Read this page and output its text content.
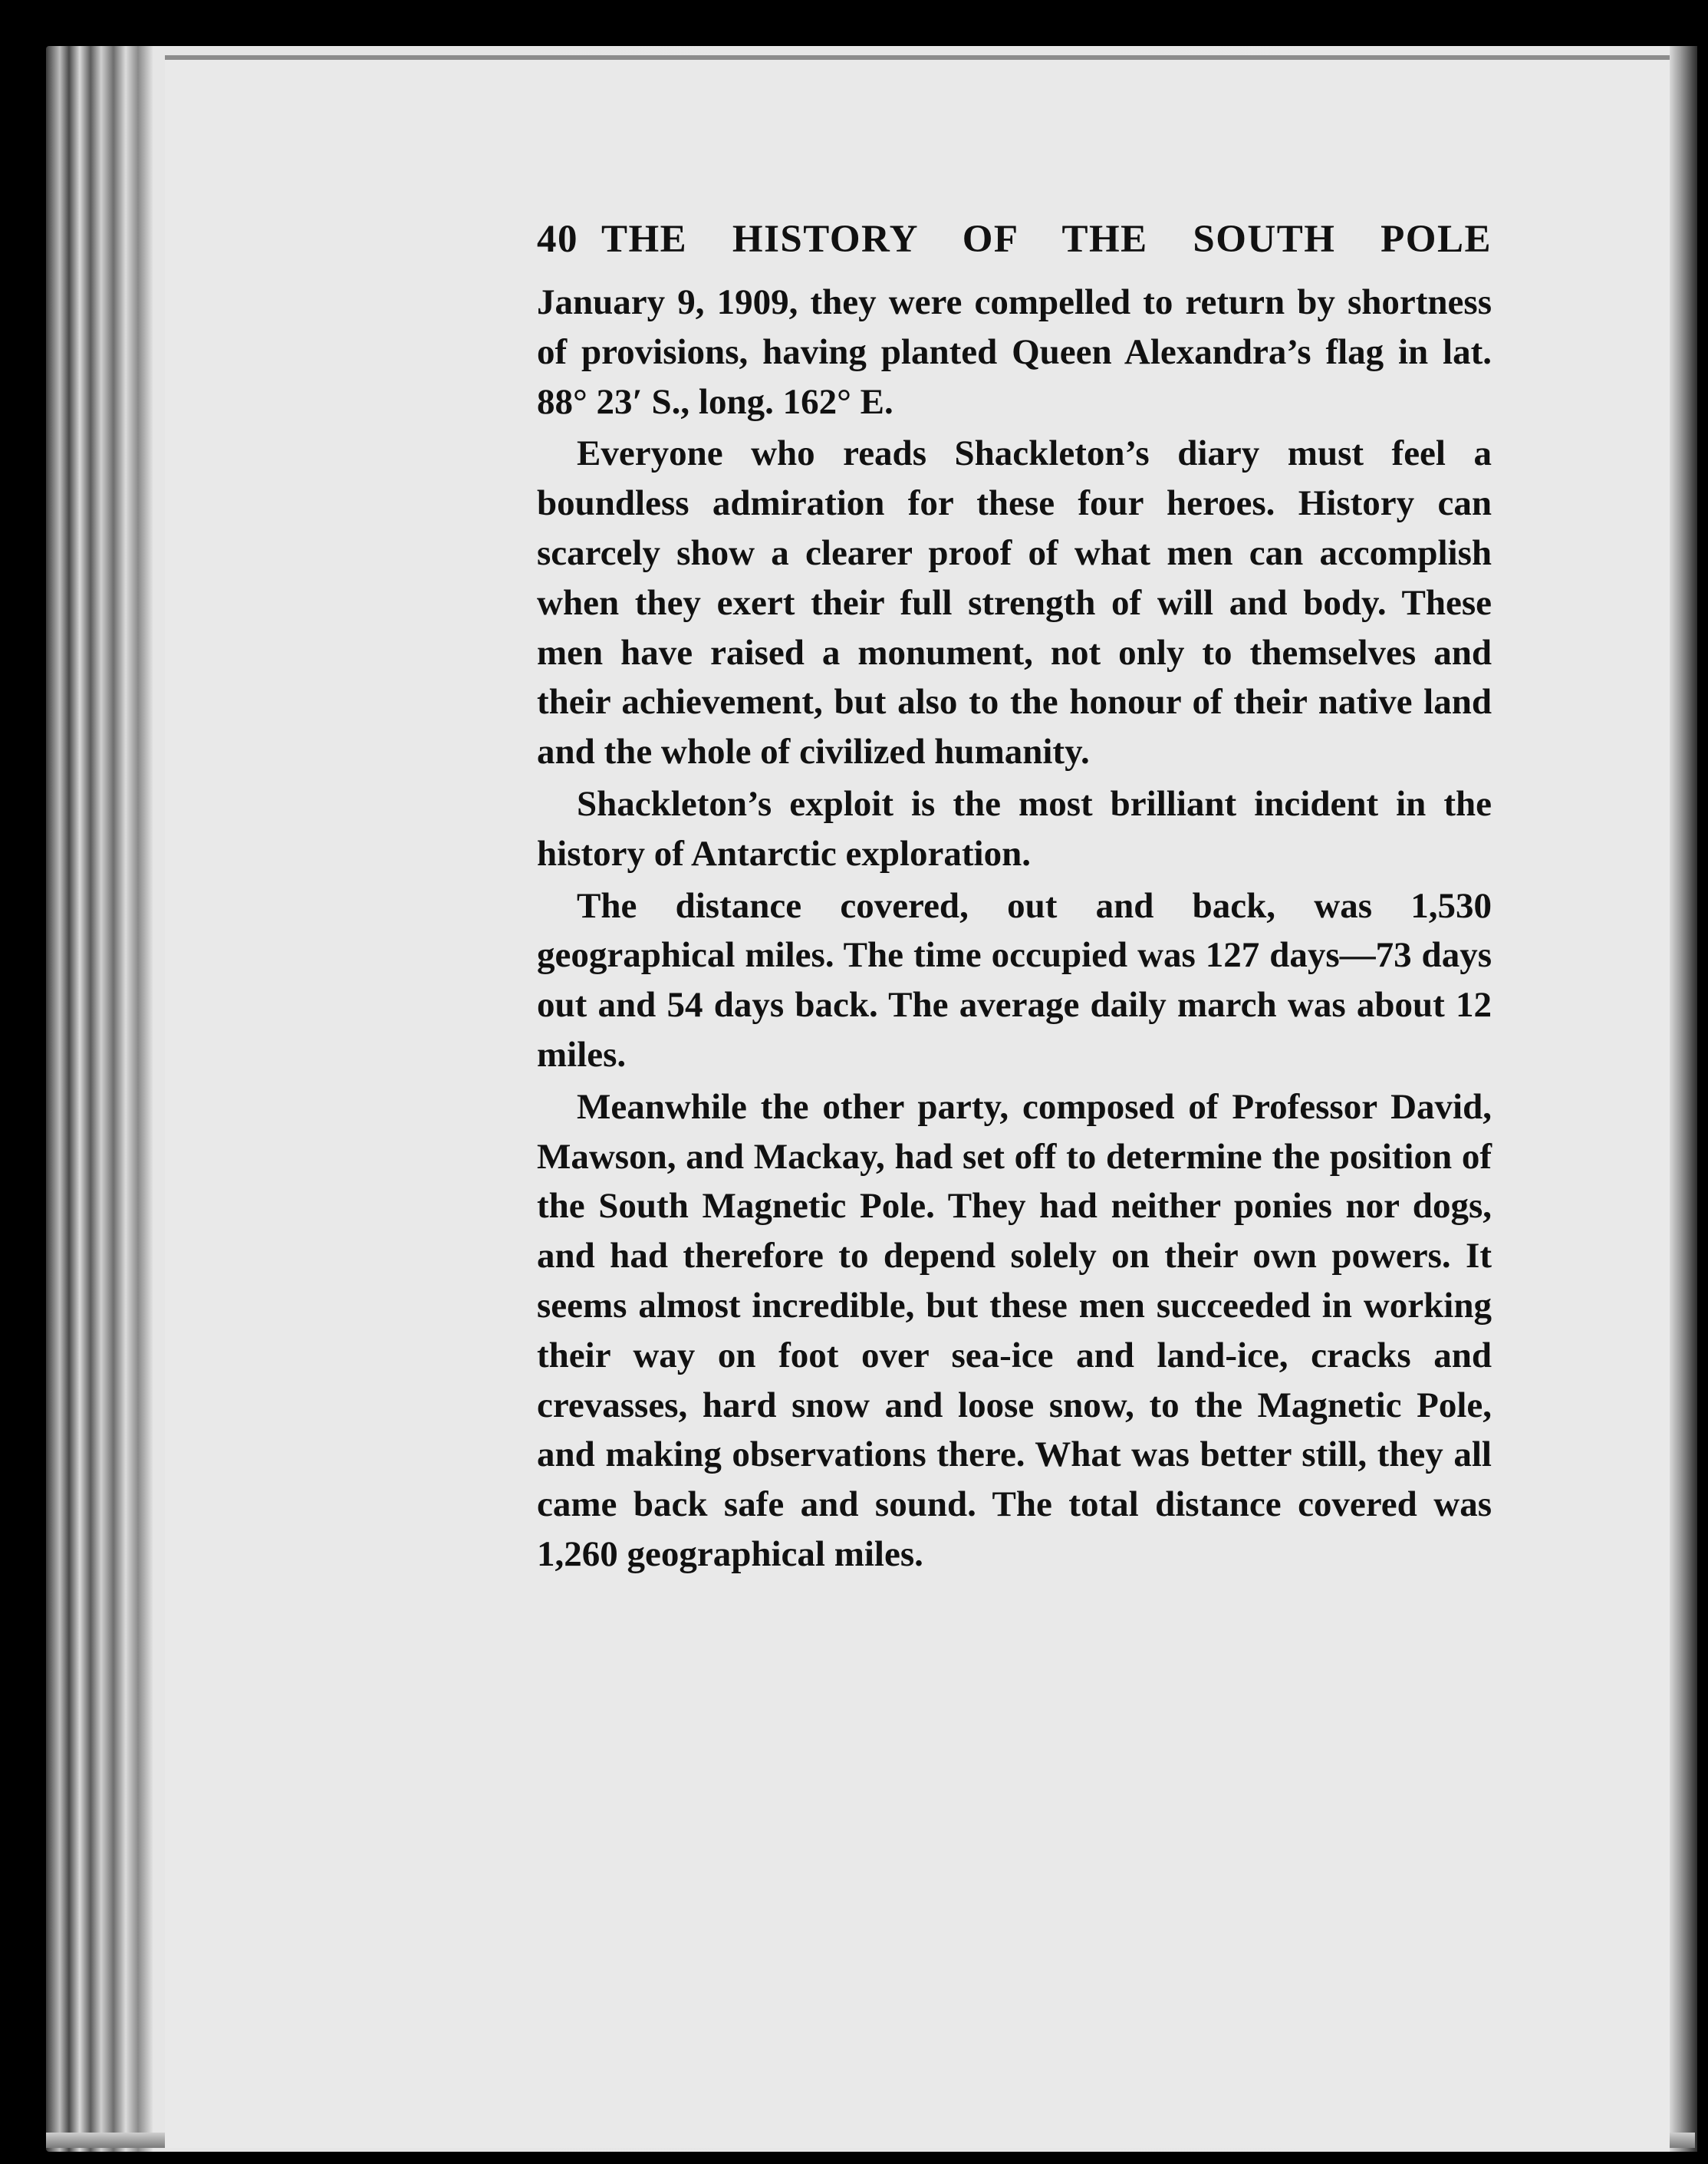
40 THE HISTORY OF THE SOUTH POLE

January 9, 1909, they were compelled to return by shortness of provisions, having planted Queen Alexandra’s flag in lat. 88° 23′ S., long. 162° E.

Everyone who reads Shackleton’s diary must feel a boundless admiration for these four heroes. History can scarcely show a clearer proof of what men can accomplish when they exert their full strength of will and body. These men have raised a monument, not only to themselves and their achievement, but also to the honour of their native land and the whole of civilized humanity.

Shackleton’s exploit is the most brilliant incident in the history of Antarctic exploration.

The distance covered, out and back, was 1,530 geographical miles. The time occupied was 127 days—73 days out and 54 days back. The average daily march was about 12 miles.

Meanwhile the other party, composed of Professor David, Mawson, and Mackay, had set off to determine the position of the South Magnetic Pole. They had neither ponies nor dogs, and had therefore to depend solely on their own powers. It seems almost incredible, but these men succeeded in working their way on foot over sea-ice and land-ice, cracks and crevasses, hard snow and loose snow, to the Magnetic Pole, and making observations there. What was better still, they all came back safe and sound. The total distance covered was 1,260 geographical miles.
